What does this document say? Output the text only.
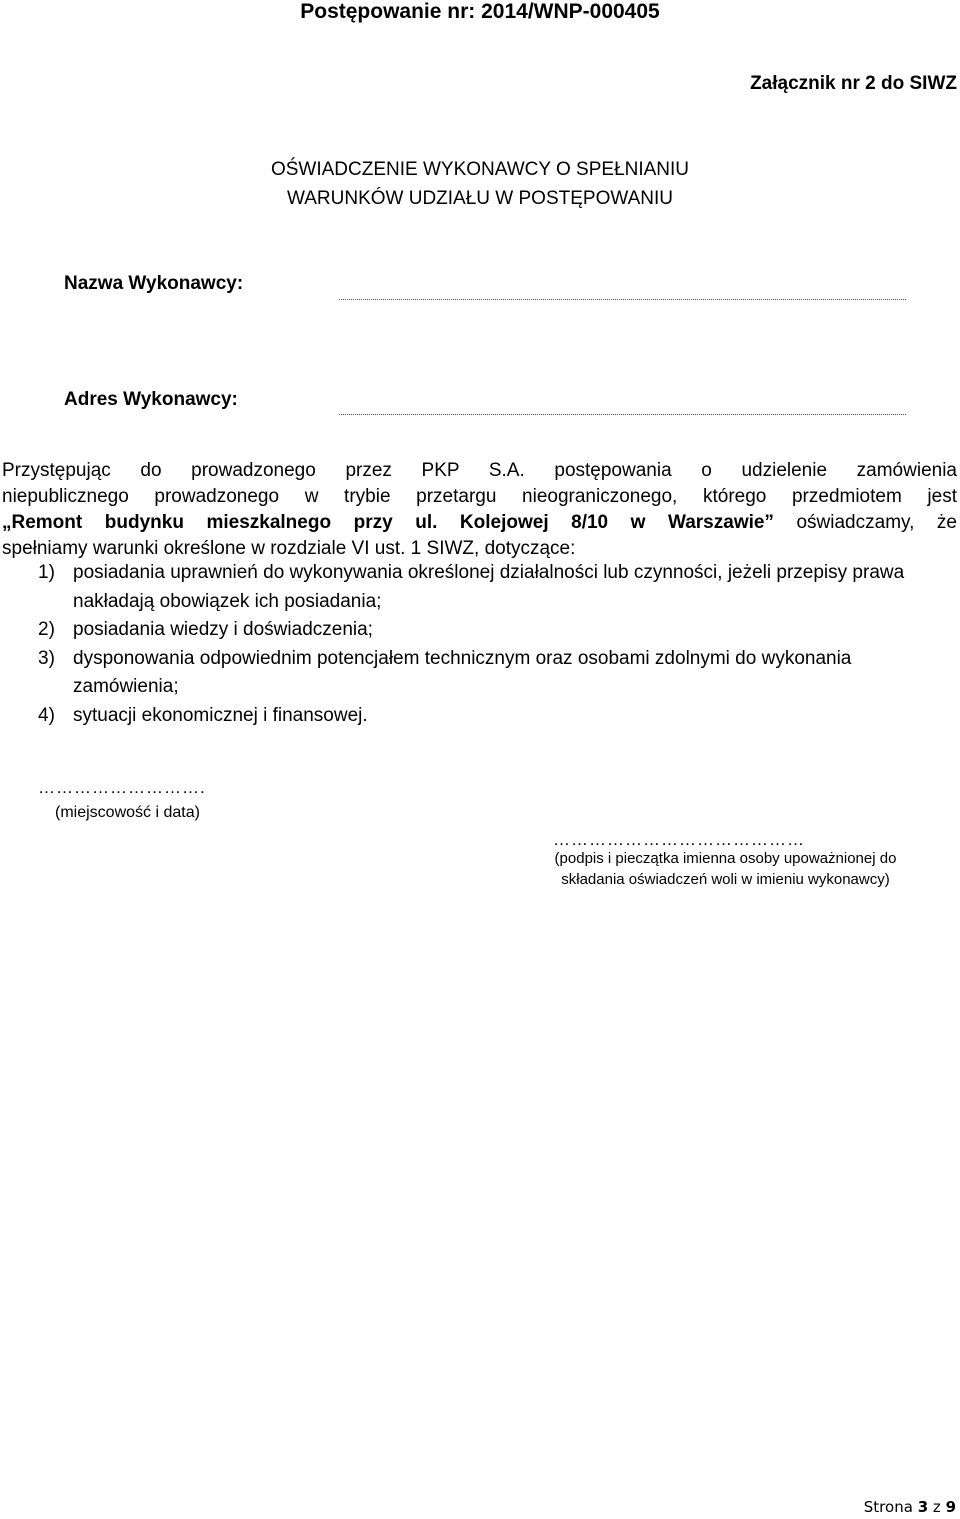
Postępowanie nr: 2014/WNP-000405
Załącznik nr 2 do SIWZ
OŚWIADCZENIE WYKONAWCY O SPEŁNIANIU
WARUNKÓW UDZIAŁU W POSTĘPOWANIU
Nazwa Wykonawcy:
Adres Wykonawcy:
Przystępując do prowadzonego przez PKP S.A. postępowania o udzielenie zamówienia
niepublicznego prowadzonego w trybie przetargu nieograniczonego, którego przedmiotem jest
„Remont budynku mieszkalnego przy ul. Kolejowej 8/10 w Warszawie” oświadczamy, że
spełniamy warunki określone w rozdziale VI ust. 1 SIWZ, dotyczące:
1) posiadania uprawnień do wykonywania określonej działalności lub czynności, jeżeli przepisy prawa nakładają obowiązek ich posiadania;
2) posiadania wiedzy i doświadczenia;
3) dysponowania odpowiednim potencjałem technicznym oraz osobami zdolnymi do wykonania zamówienia;
4) sytuacji ekonomicznej i finansowej.
……………………….
(miejscowość i data)
……………………………………
(podpis i pieczątka imienna osoby upoważnionej do
składania oświadczeń woli w imieniu wykonawcy)
Strona 3 z 9
